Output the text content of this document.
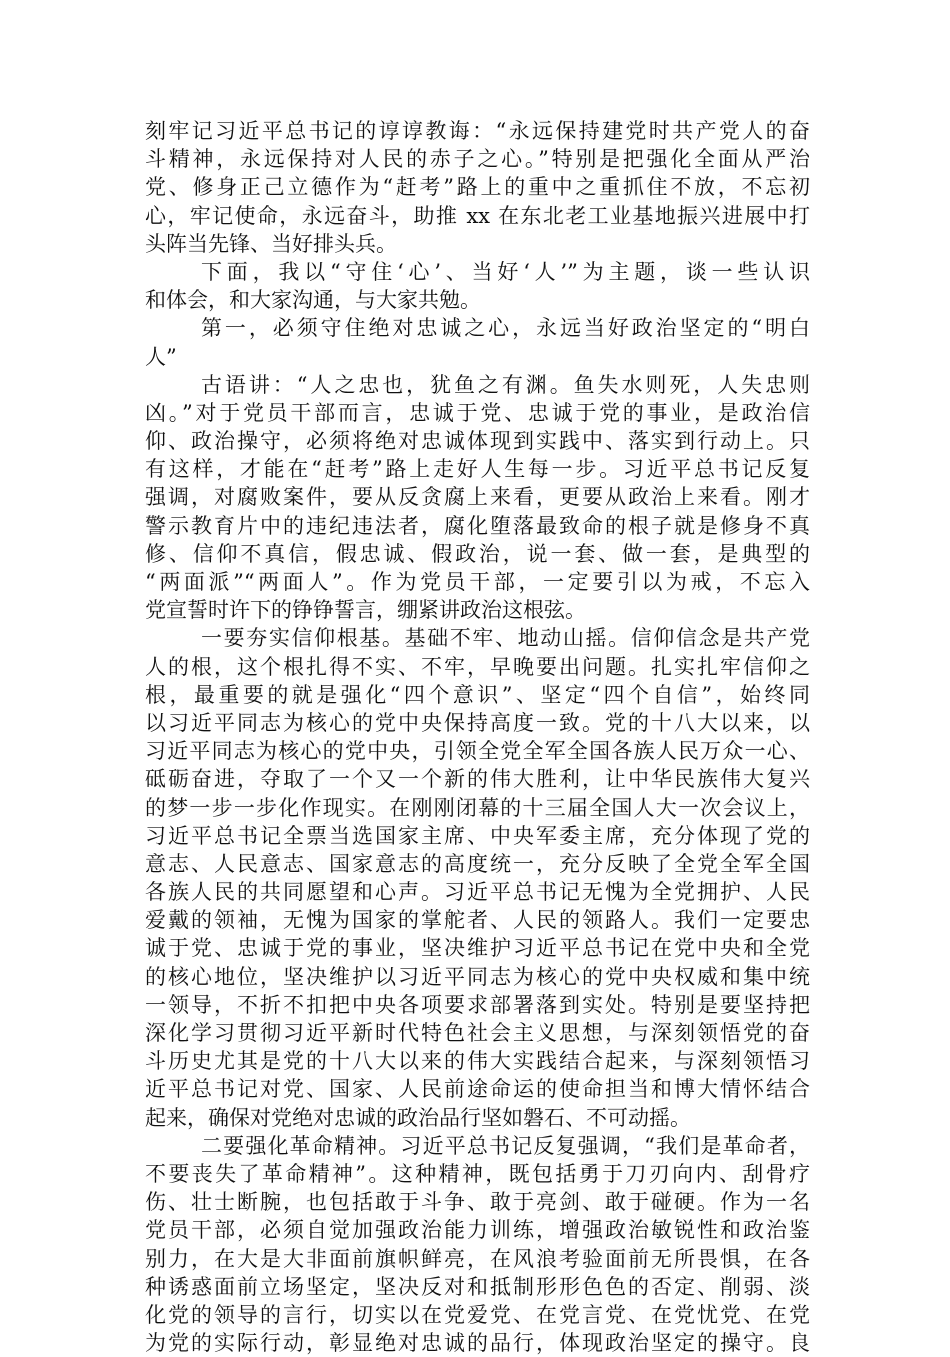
刻牢记习近平总书记的谆谆教诲：“永远保持建党时共产党人的奋
斗精神，永远保持对人民的赤子之心。”特别是把强化全面从严治
党、修身正己立德作为“赶考”路上的重中之重抓住不放，不忘初
心，牢记使命，永远奋斗，助推 xx 在东北老工业基地振兴进展中打
头阵当先锋、当好排头兵。
下面，我以“守住‘心’、当好‘人’”为主题，谈一些认识
和体会，和大家沟通，与大家共勉。
第一，必须守住绝对忠诚之心，永远当好政治坚定的“明白
人”
古语讲：“人之忠也，犹鱼之有渊。鱼失水则死，人失忠则
凶。”对于党员干部而言，忠诚于党、忠诚于党的事业，是政治信
仰、政治操守，必须将绝对忠诚体现到实践中、落实到行动上。只
有这样，才能在“赶考”路上走好人生每一步。习近平总书记反复
强调，对腐败案件，要从反贪腐上来看，更要从政治上来看。刚才
警示教育片中的违纪违法者，腐化堕落最致命的根子就是修身不真
修、信仰不真信，假忠诚、假政治，说一套、做一套，是典型的
“两面派”“两面人”。作为党员干部，一定要引以为戒，不忘入
党宣誓时许下的铮铮誓言，绷紧讲政治这根弦。
一要夯实信仰根基。基础不牢、地动山摇。信仰信念是共产党
人的根，这个根扎得不实、不牢，早晚要出问题。扎实扎牢信仰之
根，最重要的就是强化“四个意识”、坚定“四个自信”，始终同
以习近平同志为核心的党中央保持高度一致。党的十八大以来，以
习近平同志为核心的党中央，引领全党全军全国各族人民万众一心、
砥砺奋进，夺取了一个又一个新的伟大胜利，让中华民族伟大复兴
的梦一步一步化作现实。在刚刚闭幕的十三届全国人大一次会议上，
习近平总书记全票当选国家主席、中央军委主席，充分体现了党的
意志、人民意志、国家意志的高度统一，充分反映了全党全军全国
各族人民的共同愿望和心声。习近平总书记无愧为全党拥护、人民
爱戴的领袖，无愧为国家的掌舵者、人民的领路人。我们一定要忠
诚于党、忠诚于党的事业，坚决维护习近平总书记在党中央和全党
的核心地位，坚决维护以习近平同志为核心的党中央权威和集中统
一领导，不折不扣把中央各项要求部署落到实处。特别是要坚持把
深化学习贯彻习近平新时代特色社会主义思想，与深刻领悟党的奋
斗历史尤其是党的十八大以来的伟大实践结合起来，与深刻领悟习
近平总书记对党、国家、人民前途命运的使命担当和博大情怀结合
起来，确保对党绝对忠诚的政治品行坚如磐石、不可动摇。
二要强化革命精神。习近平总书记反复强调，“我们是革命者，
不要丧失了革命精神”。这种精神，既包括勇于刀刃向内、刮骨疗
伤、壮士断腕，也包括敢于斗争、敢于亮剑、敢于碰硬。作为一名
党员干部，必须自觉加强政治能力训练，增强政治敏锐性和政治鉴
别力，在大是大非面前旗帜鲜亮，在风浪考验面前无所畏惧，在各
种诱惑面前立场坚定，坚决反对和抵制形形色色的否定、削弱、淡
化党的领导的言行，切实以在党爱党、在党言党、在党忧党、在党
为党的实际行动，彰显绝对忠诚的品行，体现政治坚定的操守。良
